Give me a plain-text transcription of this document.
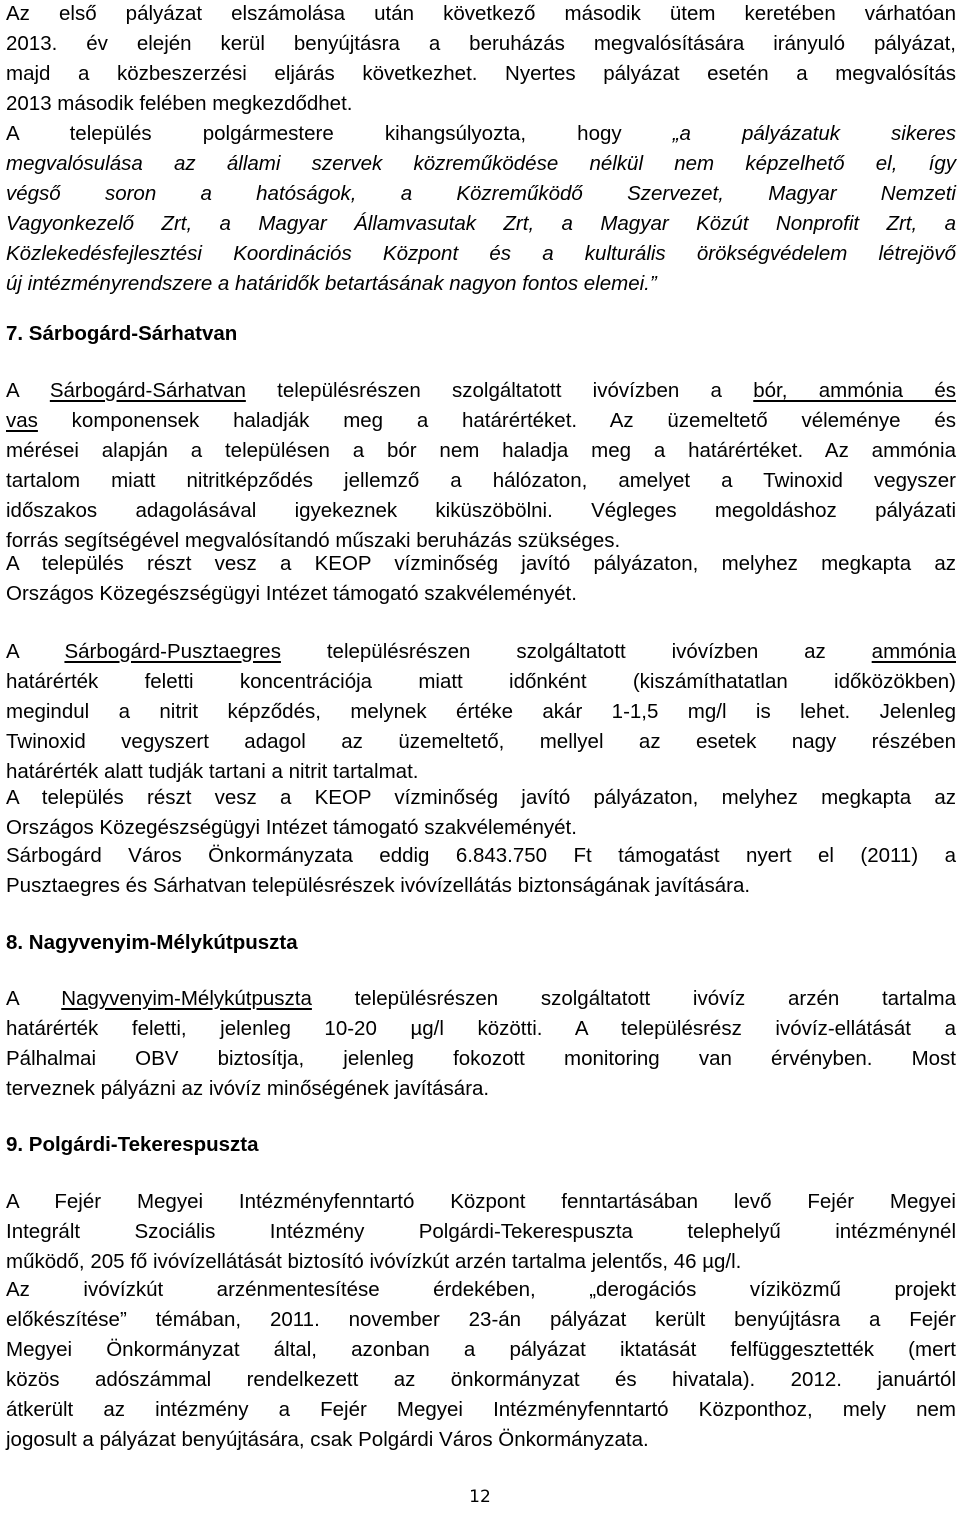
Az első pályázat elszámolása után következő második ütem keretében várhatóan
2013. év elején kerül benyújtásra a beruházás megvalósítására irányuló pályázat,
majd a közbeszerzési eljárás következhet. Nyertes pályázat esetén a megvalósítás
2013 második felében megkezdődhet.
A település polgármestere kihangsúlyozta, hogy „a pályázatuk sikeres
megvalósulása az állami szervek közreműködése nélkül nem képzelhető el, így
végső soron a hatóságok, a Közreműködő Szervezet, Magyar Nemzeti
Vagyonkezelő Zrt, a Magyar Államvasutak Zrt, a Magyar Közút Nonprofit Zrt, a
Közlekedésfejlesztési Koordinációs Központ és a kulturális örökségvédelem létrejövő
új intézményrendszere a határidők betartásának nagyon fontos elemei.”
7. Sárbogárd-Sárhatvan
A Sárbogárd-Sárhatvan településrészen szolgáltatott ivóvízben a bór, ammónia és
vas komponensek haladják meg a határértéket. Az üzemeltető véleménye és
mérései alapján a településen a bór nem haladja meg a határértéket. Az ammónia
tartalom miatt nitritképződés jellemző a hálózaton, amelyet a Twinoxid vegyszer
időszakos adagolásával igyekeznek kiküszöbölni. Végleges megoldáshoz pályázati
forrás segítségével megvalósítandó műszaki beruházás szükséges.
A település részt vesz a KEOP vízminőség javító pályázaton, melyhez megkapta az
Országos Közegészségügyi Intézet támogató szakvéleményét.
A Sárbogárd-Pusztaegres településrészen szolgáltatott ivóvízben az ammónia
határérték feletti koncentrációja miatt időnként (kiszámíthatatlan időközökben)
megindul a nitrit képződés, melynek értéke akár 1-1,5 mg/l is lehet. Jelenleg
Twinoxid vegyszert adagol az üzemeltető, mellyel az esetek nagy részében
határérték alatt tudják tartani a nitrit tartalmat.
A település részt vesz a KEOP vízminőség javító pályázaton, melyhez megkapta az
Országos Közegészségügyi Intézet támogató szakvéleményét.
Sárbogárd Város Önkormányzata eddig 6.843.750 Ft támogatást nyert el (2011) a
Pusztaegres és Sárhatvan településrészek ivóvízellátás biztonságának javítására.
8. Nagyvenyim-Mélykútpuszta
A Nagyvenyim-Mélykútpuszta településrészen szolgáltatott ivóvíz arzén tartalma
határérték feletti, jelenleg 10-20 µg/l közötti. A településrész ivóvíz-ellátását a
Pálhalmai OBV biztosítja, jelenleg fokozott monitoring van érvényben. Most
terveznek pályázni az ivóvíz minőségének javítására.
9. Polgárdi-Tekerespuszta
A Fejér Megyei Intézményfenntartó Központ fenntartásában levő Fejér Megyei
Integrált Szociális Intézmény Polgárdi-Tekerespuszta telephelyű intézménynél
működő, 205 fő ivóvízellátását biztosító ivóvízkút arzén tartalma jelentős, 46 µg/l.
Az ivóvízkút arzénmentesítése érdekében, „derogációs víziközmű projekt
előkészítése” témában, 2011. november 23-án pályázat került benyújtásra a Fejér
Megyei Önkormányzat által, azonban a pályázat iktatását felfüggesztették (mert
közös adószámmal rendelkezett az önkormányzat és hivatala). 2012. januártól
átkerült az intézmény a Fejér Megyei Intézményfenntartó Központhoz, mely nem
jogosult a pályázat benyújtására, csak Polgárdi Város Önkormányzata.
12
